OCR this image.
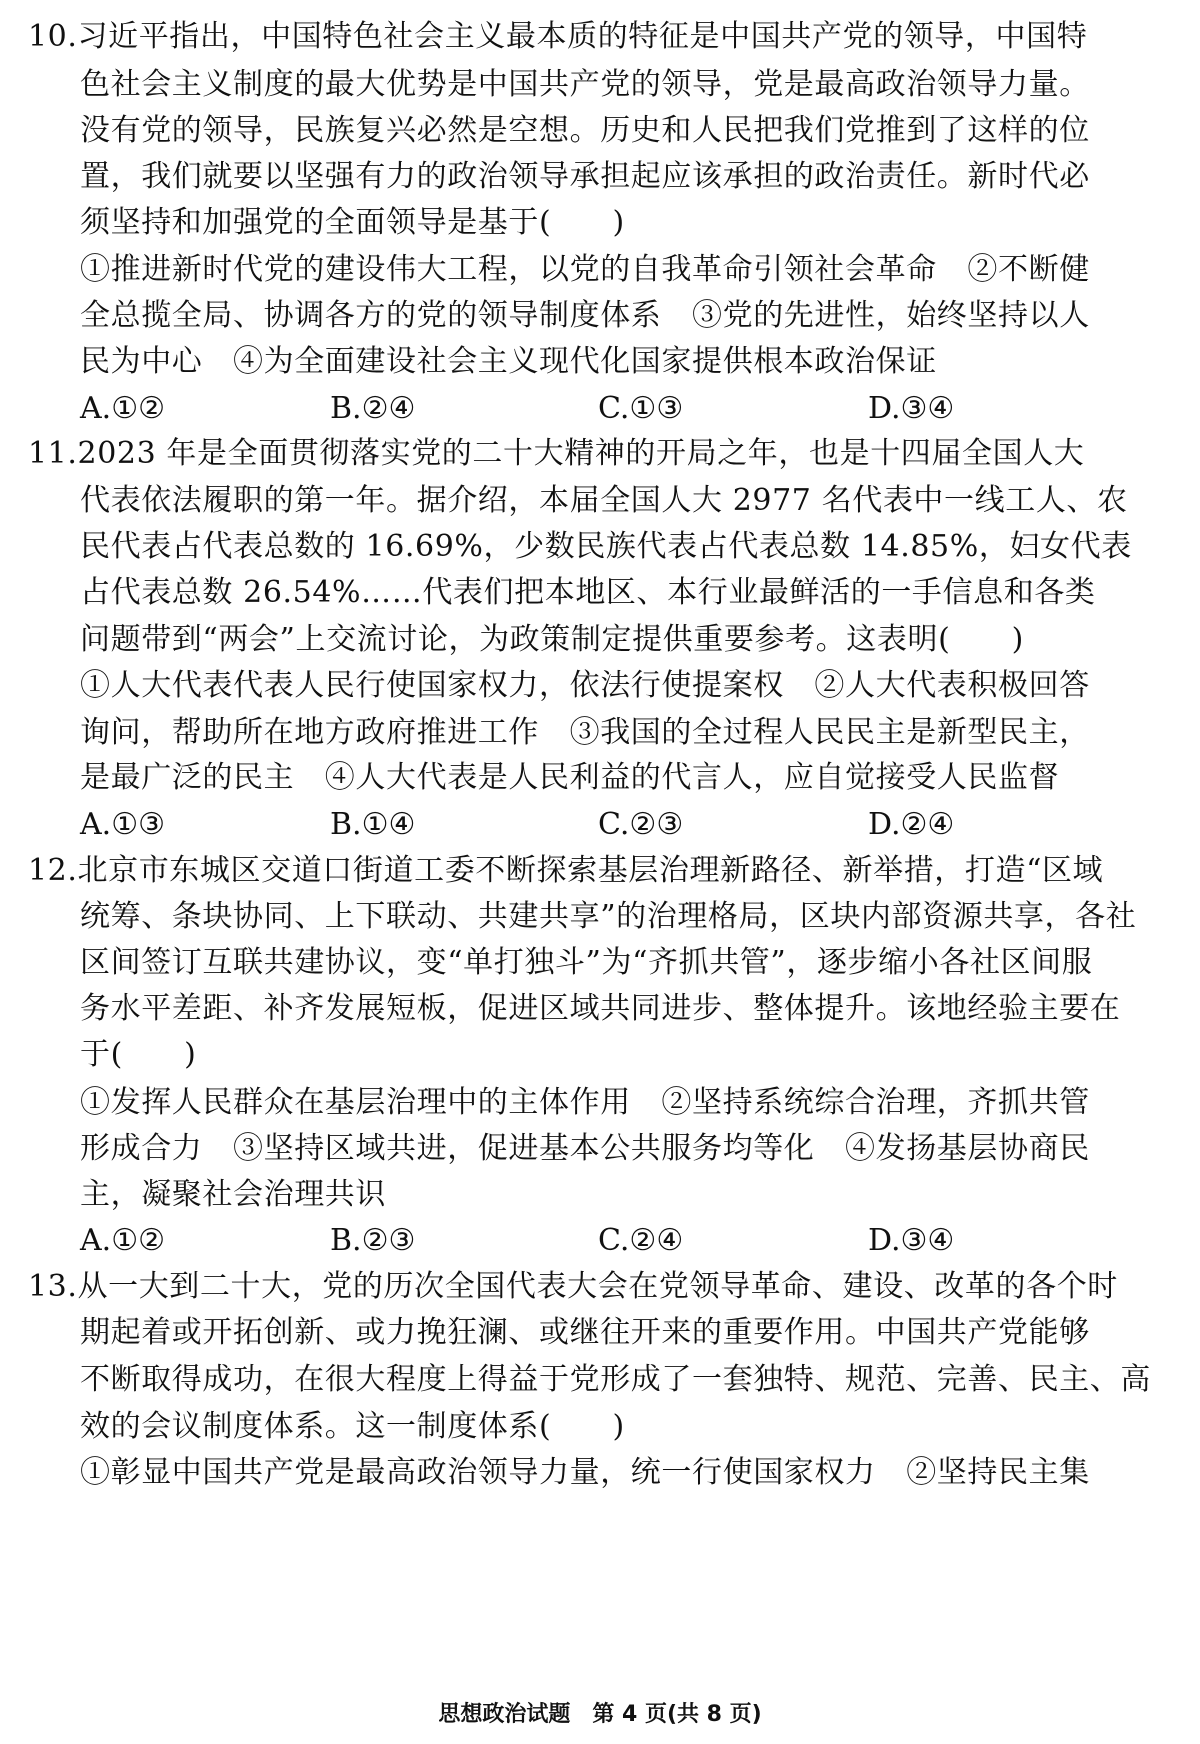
10.习近平指出，中国特色社会主义最本质的特征是中国共产党的领导，中国特
色社会主义制度的最大优势是中国共产党的领导，党是最高政治领导力量。
没有党的领导，民族复兴必然是空想。历史和人民把我们党推到了这样的位
置，我们就要以坚强有力的政治领导承担起应该承担的政治责任。新时代必
须坚持和加强党的全面领导是基于(　　)
①推进新时代党的建设伟大工程，以党的自我革命引领社会革命　②不断健
全总揽全局、协调各方的党的领导制度体系　③党的先进性，始终坚持以人
民为中心　④为全面建设社会主义现代化国家提供根本政治保证
A.①②	B.②④	C.①③	D.③④
11.2023 年是全面贯彻落实党的二十大精神的开局之年，也是十四届全国人大
代表依法履职的第一年。据介绍，本届全国人大 2977 名代表中一线工人、农
民代表占代表总数的 16.69%，少数民族代表占代表总数 14.85%，妇女代表
占代表总数 26.54%……代表们把本地区、本行业最鲜活的一手信息和各类
问题带到“两会”上交流讨论，为政策制定提供重要参考。这表明(　　)
①人大代表代表人民行使国家权力，依法行使提案权　②人大代表积极回答
询问，帮助所在地方政府推进工作　③我国的全过程人民民主是新型民主，
是最广泛的民主　④人大代表是人民利益的代言人，应自觉接受人民监督
A.①③	B.①④	C.②③	D.②④
12.北京市东城区交道口街道工委不断探索基层治理新路径、新举措，打造“区域
统筹、条块协同、上下联动、共建共享”的治理格局，区块内部资源共享，各社
区间签订互联共建协议，变“单打独斗”为“齐抓共管”，逐步缩小各社区间服
务水平差距、补齐发展短板，促进区域共同进步、整体提升。该地经验主要在
于(　　)
①发挥人民群众在基层治理中的主体作用　②坚持系统综合治理，齐抓共管
形成合力　③坚持区域共进，促进基本公共服务均等化　④发扬基层协商民
主，凝聚社会治理共识
A.①②	B.②③	C.②④	D.③④
13.从一大到二十大，党的历次全国代表大会在党领导革命、建设、改革的各个时
期起着或开拓创新、或力挽狂澜、或继往开来的重要作用。中国共产党能够
不断取得成功，在很大程度上得益于党形成了一套独特、规范、完善、民主、高
效的会议制度体系。这一制度体系(　　)
①彰显中国共产党是最高政治领导力量，统一行使国家权力　②坚持民主集
思想政治试题　第 4 页(共 8 页)
